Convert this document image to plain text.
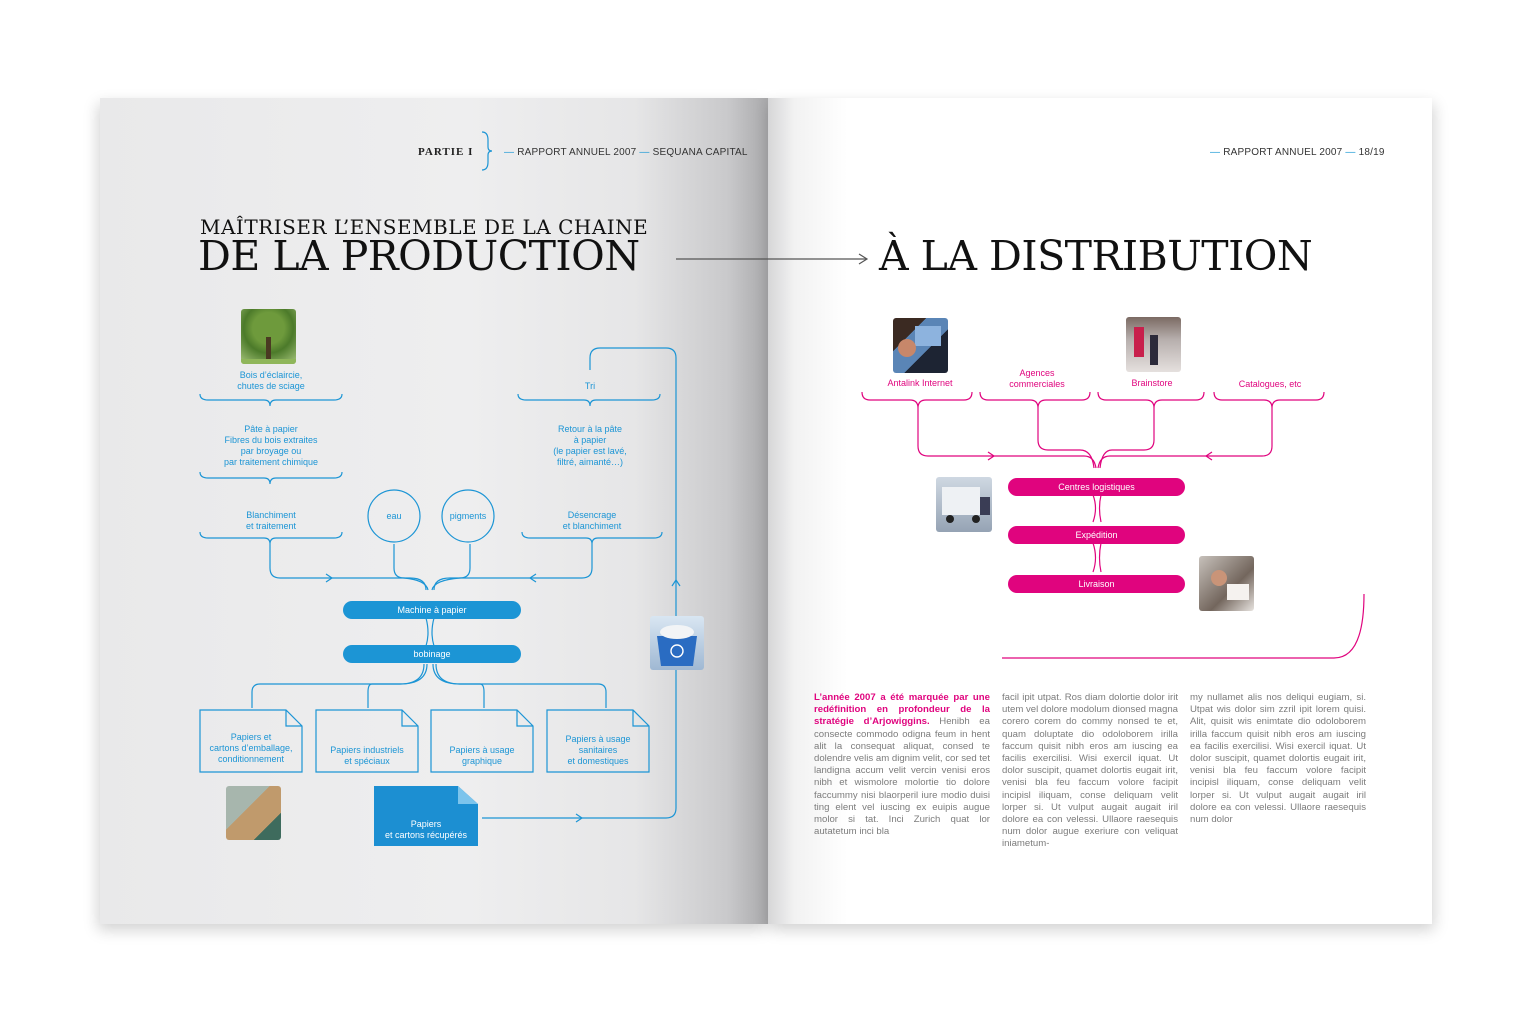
PARTIE I	— RAPPORT ANNUEL 2007 — SEQUANA CAPITAL
MAÎTRISER L’ENSEMBLE DE LA CHAINE
DE LA PRODUCTION
Bois d’éclaircie,
chutes de sciage
Pâte à papier
Fibres du bois extraites
par broyage ou
par traitement chimique
Blanchiment
et traitement
eau	pigments
Tri
Retour à la pâte
à papier
(le papier est lavé,
filtré, aimanté…)
Désencrage
et blanchiment
Machine à papier
bobinage
Papiers et
cartons d’emballage,
conditionnement
Papiers industriels
et spéciaux
Papiers à usage
graphique
Papiers à usage
sanitaires
et domestiques
Papiers
et cartons récupérés
— RAPPORT ANNUEL 2007 — 18/19
À LA DISTRIBUTION
Antalink Internet
Agences
commerciales	Brainstore	Catalogues, etc
Centres logistiques
Expédition
Livraison
L’année 2007 a été marquée par une redéfinition en profondeur de la stratégie d’Arjowiggins. Henibh ea consecte commodo odigna feum in hent alit la consequat aliquat, consed te dolendre velis am dignim velit, cor sed tet landigna accum velit vercin venisi eros nibh et wismolore molortie tio dolore faccummy nisi blaorperil iure modio duisi ting elent vel iuscing ex euipis augue molor si tat. Inci Zurich quat lor autatetum inci bla
facil ipit utpat. Ros diam dolortie dolor irit utem vel dolore modolum dionsed magna corero corem do commy nonsed te et, quam doluptate dio odoloborem irilla faccum quisit nibh eros am iuscing ea facilis exercilisi. Wisi exercil iquat. Ut dolor suscipit, quamet dolortis eugait irit, venisi bla feu faccum volore facipit incipisl iliquam, conse deliquam velit lorper si. Ut vulput augait augait iril dolore ea con velessi. Ullaore raesequis num dolor augue exeriure con veliquat iniametum-
my nullamet alis nos deliqui eugiam, si. Utpat wis dolor sim zzril ipit lorem quisi. Alit, quisit wis enimtate dio odoloborem irilla faccum quisit nibh eros am iuscing ea facilis exercilisi. Wisi exercil iquat. Ut dolor suscipit, quamet dolortis eugait irit, venisi bla feu faccum volore facipit incipisl iliquam, conse deliquam velit lorper si. Ut vulput augait augait iril dolore ea con velessi. Ullaore raesequis num dolor
